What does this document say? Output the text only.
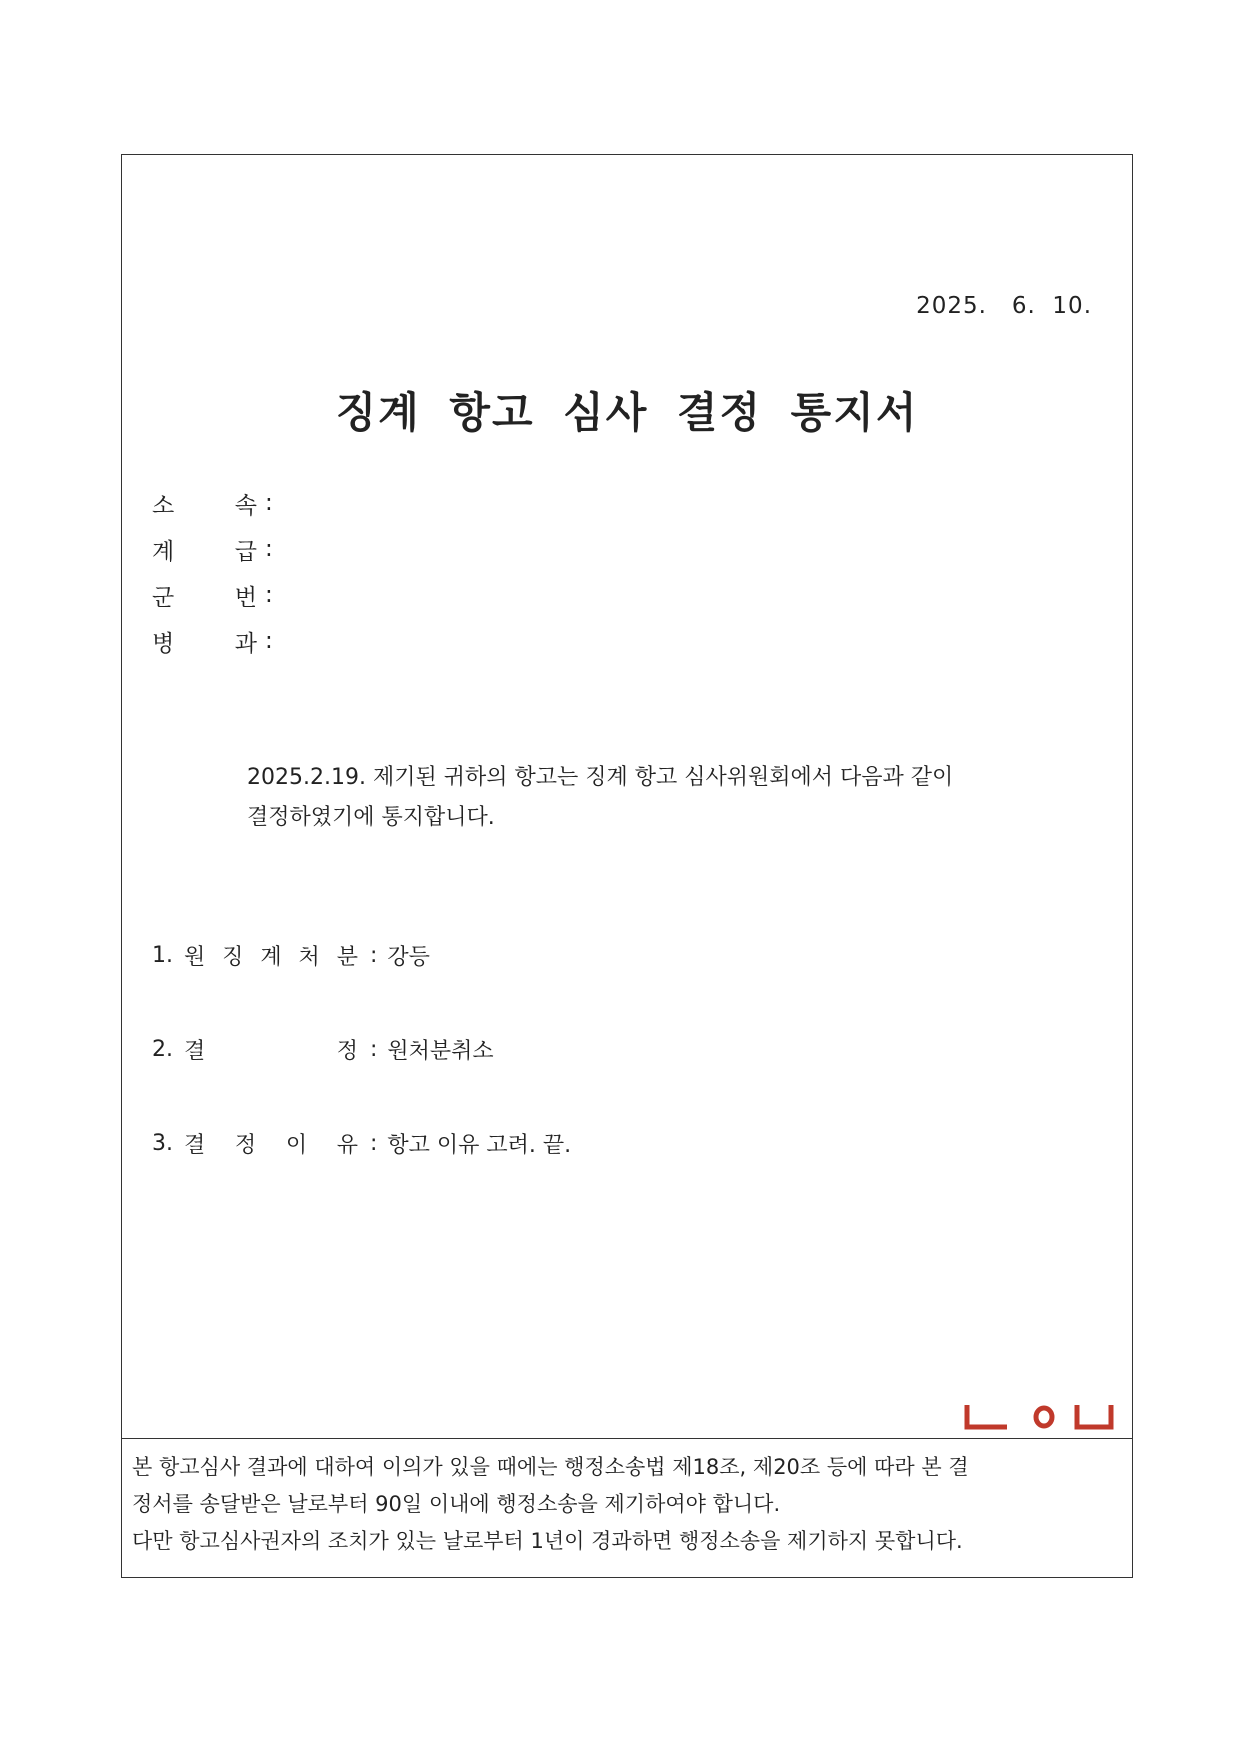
2025.   6.  10.
징계 항고 심사 결정 통지서
소	속 :
계	급 :
군	번 :
병	과 :
2025.2.19. 제기된 귀하의 항고는 징계 항고 심사위원회에서 다음과 같이
결정하였기에 통지합니다.
1. 원 징 계 처 분 : 강등
2. 결	정 : 원처분취소
3. 결 정 이 유 : 항고 이유 고려. 끝.
본 항고심사 결과에 대하여 이의가 있을 때에는 행정소송법 제18조, 제20조 등에 따라 본 결
정서를 송달받은 날로부터 90일 이내에 행정소송을 제기하여야 합니다.
다만 항고심사권자의 조치가 있는 날로부터 1년이 경과하면 행정소송을 제기하지 못합니다.
